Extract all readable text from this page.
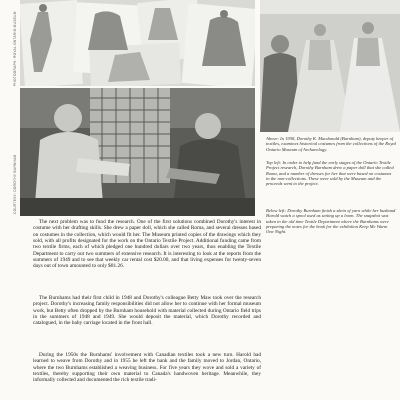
PHOTOGRAPH: ROYAL ONTARIO MUSEUM
COURTESY: DOROTHY BURNHAM
Above: In 1958, Dorothy K. Macdonald (Burnham), deputy keeper of textiles, examines historical costumes from the collections of the Royal Ontario Museum of Archaeology.
Top left: In order to help fund the early stages of the Ontario Textile Project research, Dorothy Burnham drew a paper doll that she called Roma, and a number of dresses for her that were based on costumes in the non-collections. These were sold by the Museum and the proceeds went to the project.
Below left: Dorothy Burnham finish a skein of yarn while her husband Harold watch a spool used as setting up a loom. The snapshot was taken in the old time Textile Department where the Burnhams were preparing the notes for the book for the exhibition Keep Me Warm One Night.

The next problem was to fund the research. One of the first solutions combined Dorothy's interest in costume with her drafting skills. She drew a paper doll, which she called Roma, and several dresses based on costumes in the collection, which would fit her. The Museum printed copies of the drawings which they sold, with all profits designated for the work on the Ontario Textile Project. Additional funding came from two textile firms, each of which pledged one hundred dollars over two years, thus enabling the Textile Department to carry out two summers of extensive research. It is interesting to look at the reports from the summers of 1949 and to see that weekly car rental cost $20.00, and that living expenses for twenty-seven days out of town amounted to only $81.26.

The Burnhams had their first child in 1948 and Dorothy's colleague Betty Maw took over the research project. Dorothy's increasing family responsibilities did not allow her to continue with her formal museum work, but Betty often dropped by the Burnham household with material collected during Ontario field trips in the summers of 1948 and 1949. She would deposit the material, which Dorothy recorded and catalogued, in the baby carriage located in the front hall.

During the 1950s the Burnhams' involvement with Canadian textiles took a new turn. Harold had learned to weave from Dorothy and in 1955 he left the bank and the family moved to Jordan, Ontario, where the two Burnhams established a weaving business. For five years they wove and sold a variety of textiles, thereby supporting their own material to Canada's handwoven heritage. Meanwhile, they informally collected and documented the rich textile tradi-
